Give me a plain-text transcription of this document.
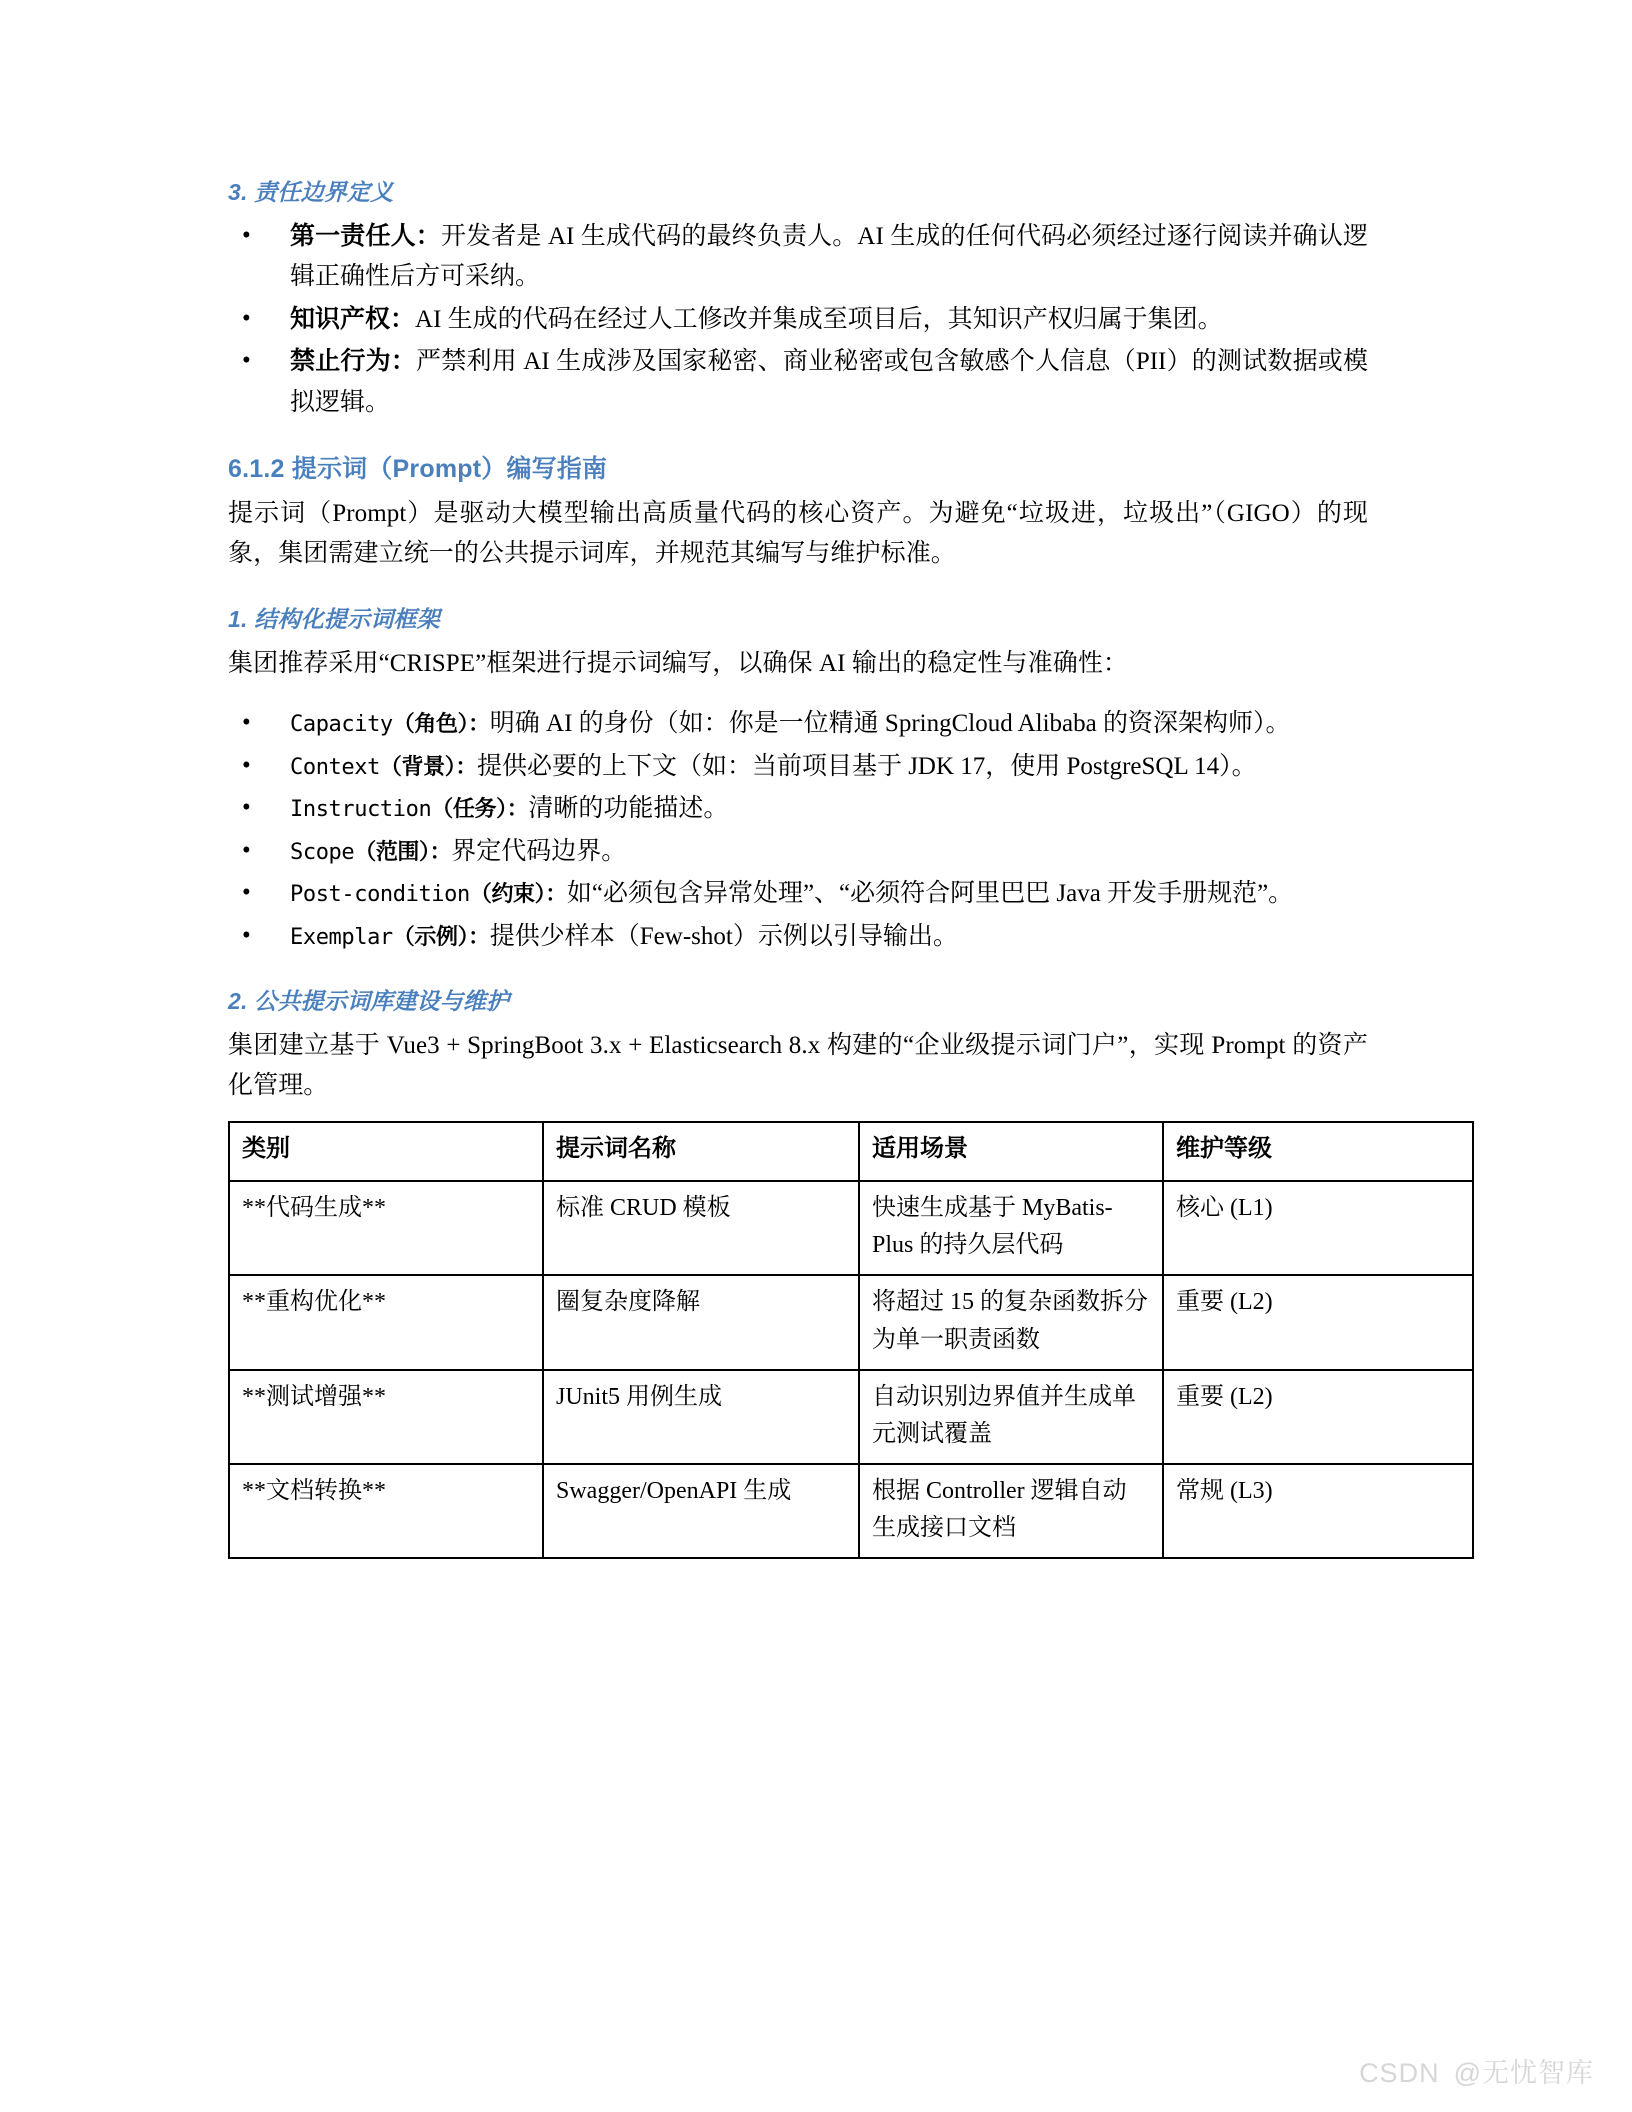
3. 责任边界定义
• 第一责任人：开发者是 AI 生成代码的最终负责人。AI 生成的任何代码必须经过逐行阅读并确认逻辑正确性后方可采纳。
• 知识产权：AI 生成的代码在经过人工修改并集成至项目后，其知识产权归属于集团。
• 禁止行为：严禁利用 AI 生成涉及国家秘密、商业秘密或包含敏感个人信息（PII）的测试数据或模拟逻辑。
6.1.2 提示词（Prompt）编写指南

提示词（Prompt）是驱动大模型输出高质量代码的核心资产。为避免“垃圾进，垃圾出”（GIGO）的现象，集团需建立统一的公共提示词库，并规范其编写与维护标准。

1. 结构化提示词框架

集团推荐采用“CRISPE”框架进行提示词编写，以确保 AI 输出的稳定性与准确性：

• Capacity（角色）：明确 AI 的身份（如：你是一位精通 SpringCloud Alibaba 的资深架构师）。
• Context（背景）：提供必要的上下文（如：当前项目基于 JDK 17，使用 PostgreSQL 14）。
• Instruction（任务）：清晰的功能描述。
• Scope（范围）：界定代码边界。
• Post-condition（约束）：如“必须包含异常处理”、“必须符合阿里巴巴 Java 开发手册规范”。
• Exemplar（示例）：提供少样本（Few-shot）示例以引导输出。
2. 公共提示词库建设与维护

集团建立基于 Vue3 + SpringBoot 3.x + Elasticsearch 8.x 构建的“企业级提示词门户”，实现 Prompt 的资产化管理。

类别	提示词名称	适用场景	维护等级
**代码生成**	标准 CRUD 模板	快速生成基于 MyBatis-Plus 的持久层代码	核心 (L1)
**重构优化**	圈复杂度降解	将超过 15 的复杂函数拆分为单一职责函数	重要 (L2)
**测试增强**	JUnit5 用例生成	自动识别边界值并生成单元测试覆盖	重要 (L2)
**文档转换**	Swagger/OpenAPI 生成	根据 Controller 逻辑自动生成接口文档	常规 (L3)
CSDN @无忧智库
